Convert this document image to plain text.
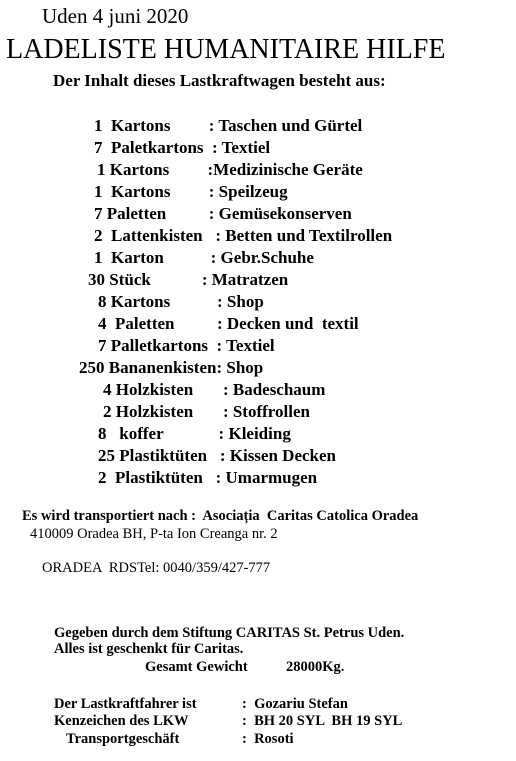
Uden 4 juni 2020
LADELISTE HUMANITAIRE HILFE
Der Inhalt dieses Lastkraftwagen besteht aus:
1  Kartons         : Taschen und Gürtel
7  Paletkartons  : Textiel
1 Kartons         :Medizinische Geräte
1  Kartons         : Speilzeug
7 Paletten          : Gemüsekonserven
2  Lattenkisten   : Betten und Textilrollen
1  Karton           : Gebr.Schuhe
30 Stück            : Matratzen
8 Kartons           : Shop
4  Paletten          : Decken und  textil
7 Palletkartons  : Textiel
250 Bananenkisten: Shop
4 Holzkisten       : Badeschaum
2 Holzkisten       : Stoffrollen
8   koffer             : Kleiding
25 Plastiktüten   : Kissen Decken
2  Plastiktüten   : Umarmugen
Es wird transportiert nach :  Asociația  Caritas Catolica Oradea
410009 Oradea BH, P-ta Ion Creanga nr. 2
ORADEA  RDSTel: 0040/359/427-777
Gegeben durch dem Stiftung CARITAS St. Petrus Uden.
Alles ist geschenkt für Caritas.
Gesamt Gewicht	28000Kg.
Der Lastkraftfahrer ist	:  Gozariu Stefan
Kenzeichen des LKW	:  BH 20 SYL  BH 19 SYL
Transportgeschäft	:  Rosoti
